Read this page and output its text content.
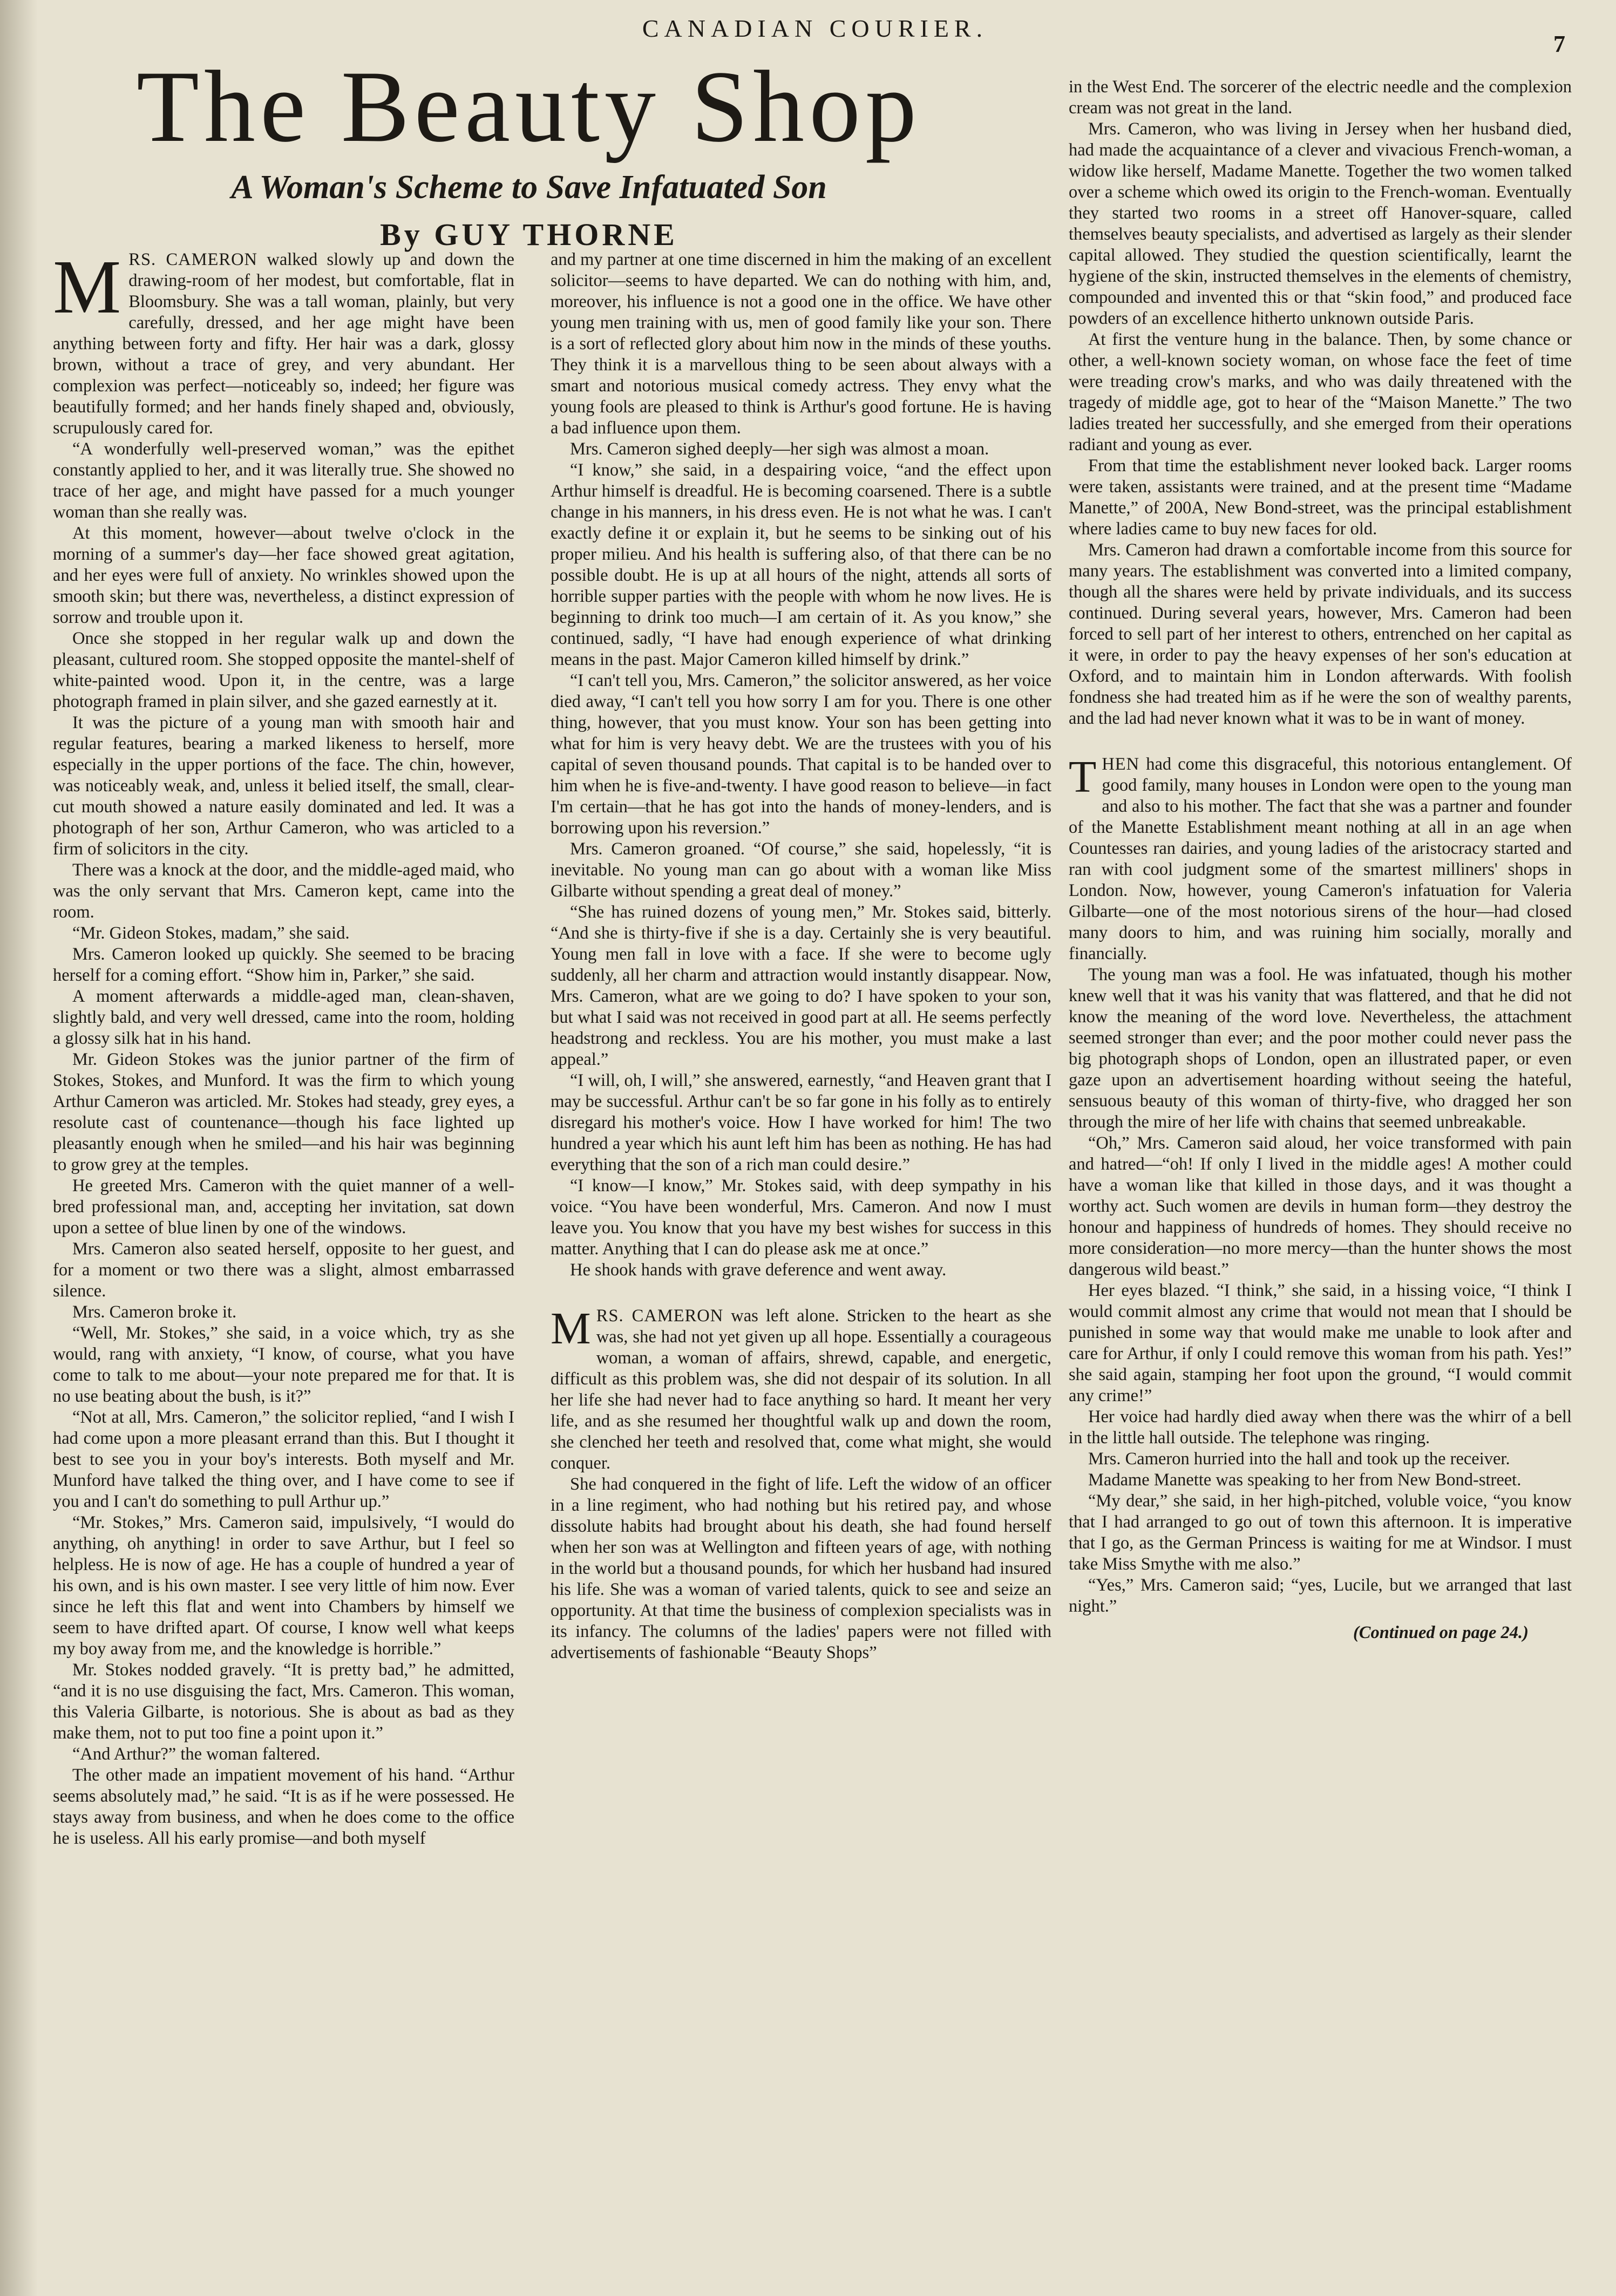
CANADIAN COURIER.
7
The Beauty Shop
A Woman's Scheme to Save Infatuated Son
By GUY THORNE

MRS. CAMERON walked slowly up and down the drawing-room of her modest, but comfortable, flat in Bloomsbury. She was a tall woman, plainly, but very carefully, dressed, and her age might have been anything between forty and fifty. Her hair was a dark, glossy brown, without a trace of grey, and very abundant. Her complexion was perfect—noticeably so, indeed; her figure was beautifully formed; and her hands finely shaped and, obviously, scrupulously cared for.

“A wonderfully well-preserved woman,” was the epithet constantly applied to her, and it was literally true. She showed no trace of her age, and might have passed for a much younger woman than she really was.

At this moment, however—about twelve o'clock in the morning of a summer's day—her face showed great agitation, and her eyes were full of anxiety. No wrinkles showed upon the smooth skin; but there was, nevertheless, a distinct expression of sorrow and trouble upon it.

Once she stopped in her regular walk up and down the pleasant, cultured room. She stopped opposite the mantel-shelf of white-painted wood. Upon it, in the centre, was a large photograph framed in plain silver, and she gazed earnestly at it.

It was the picture of a young man with smooth hair and regular features, bearing a marked likeness to herself, more especially in the upper portions of the face. The chin, however, was noticeably weak, and, unless it belied itself, the small, clear-cut mouth showed a nature easily dominated and led. It was a photograph of her son, Arthur Cameron, who was articled to a firm of solicitors in the city.

There was a knock at the door, and the middle-aged maid, who was the only servant that Mrs. Cameron kept, came into the room.

“Mr. Gideon Stokes, madam,” she said.

Mrs. Cameron looked up quickly. She seemed to be bracing herself for a coming effort. “Show him in, Parker,” she said.

A moment afterwards a middle-aged man, clean-shaven, slightly bald, and very well dressed, came into the room, holding a glossy silk hat in his hand.

Mr. Gideon Stokes was the junior partner of the firm of Stokes, Stokes, and Munford. It was the firm to which young Arthur Cameron was articled. Mr. Stokes had steady, grey eyes, a resolute cast of countenance—though his face lighted up pleasantly enough when he smiled—and his hair was beginning to grow grey at the temples.

He greeted Mrs. Cameron with the quiet manner of a well-bred professional man, and, accepting her invitation, sat down upon a settee of blue linen by one of the windows.

Mrs. Cameron also seated herself, opposite to her guest, and for a moment or two there was a slight, almost embarrassed silence.

Mrs. Cameron broke it.

“Well, Mr. Stokes,” she said, in a voice which, try as she would, rang with anxiety, “I know, of course, what you have come to talk to me about—your note prepared me for that. It is no use beating about the bush, is it?”

“Not at all, Mrs. Cameron,” the solicitor replied, “and I wish I had come upon a more pleasant errand than this. But I thought it best to see you in your boy's interests. Both myself and Mr. Munford have talked the thing over, and I have come to see if you and I can't do something to pull Arthur up.”

“Mr. Stokes,” Mrs. Cameron said, impulsively, “I would do anything, oh anything! in order to save Arthur, but I feel so helpless. He is now of age. He has a couple of hundred a year of his own, and is his own master. I see very little of him now. Ever since he left this flat and went into Chambers by himself we seem to have drifted apart. Of course, I know well what keeps my boy away from me, and the knowledge is horrible.”

Mr. Stokes nodded gravely. “It is pretty bad,” he admitted, “and it is no use disguising the fact, Mrs. Cameron. This woman, this Valeria Gilbarte, is notorious. She is about as bad as they make them, not to put too fine a point upon it.”

“And Arthur?” the woman faltered.

The other made an impatient movement of his hand. “Arthur seems absolutely mad,” he said. “It is as if he were possessed. He stays away from business, and when he does come to the office he is useless. All his early promise—and both myself

and my partner at one time discerned in him the making of an excellent solicitor—seems to have departed. We can do nothing with him, and, moreover, his influence is not a good one in the office. We have other young men training with us, men of good family like your son. There is a sort of reflected glory about him now in the minds of these youths. They think it is a marvellous thing to be seen about always with a smart and notorious musical comedy actress. They envy what the young fools are pleased to think is Arthur's good fortune. He is having a bad influence upon them.

Mrs. Cameron sighed deeply—her sigh was almost a moan.

“I know,” she said, in a despairing voice, “and the effect upon Arthur himself is dreadful. He is becoming coarsened. There is a subtle change in his manners, in his dress even. He is not what he was. I can't exactly define it or explain it, but he seems to be sinking out of his proper milieu. And his health is suffering also, of that there can be no possible doubt. He is up at all hours of the night, attends all sorts of horrible supper parties with the people with whom he now lives. He is beginning to drink too much—I am certain of it. As you know,” she continued, sadly, “I have had enough experience of what drinking means in the past. Major Cameron killed himself by drink.”

“I can't tell you, Mrs. Cameron,” the solicitor answered, as her voice died away, “I can't tell you how sorry I am for you. There is one other thing, however, that you must know. Your son has been getting into what for him is very heavy debt. We are the trustees with you of his capital of seven thousand pounds. That capital is to be handed over to him when he is five-and-twenty. I have good reason to believe—in fact I'm certain—that he has got into the hands of money-lenders, and is borrowing upon his reversion.”

Mrs. Cameron groaned. “Of course,” she said, hopelessly, “it is inevitable. No young man can go about with a woman like Miss Gilbarte without spending a great deal of money.”

“She has ruined dozens of young men,” Mr. Stokes said, bitterly. “And she is thirty-five if she is a day. Certainly she is very beautiful. Young men fall in love with a face. If she were to become ugly suddenly, all her charm and attraction would instantly disappear. Now, Mrs. Cameron, what are we going to do? I have spoken to your son, but what I said was not received in good part at all. He seems perfectly headstrong and reckless. You are his mother, you must make a last appeal.”

“I will, oh, I will,” she answered, earnestly, “and Heaven grant that I may be successful. Arthur can't be so far gone in his folly as to entirely disregard his mother's voice. How I have worked for him! The two hundred a year which his aunt left him has been as nothing. He has had everything that the son of a rich man could desire.”

“I know—I know,” Mr. Stokes said, with deep sympathy in his voice. “You have been wonderful, Mrs. Cameron. And now I must leave you. You know that you have my best wishes for success in this matter. Anything that I can do please ask me at once.”

He shook hands with grave deference and went away.

MRS. CAMERON was left alone. Stricken to the heart as she was, she had not yet given up all hope. Essentially a courageous woman, a woman of affairs, shrewd, capable, and energetic, difficult as this problem was, she did not despair of its solution. In all her life she had never had to face anything so hard. It meant her very life, and as she resumed her thoughtful walk up and down the room, she clenched her teeth and resolved that, come what might, she would conquer.

She had conquered in the fight of life. Left the widow of an officer in a line regiment, who had nothing but his retired pay, and whose dissolute habits had brought about his death, she had found herself when her son was at Wellington and fifteen years of age, with nothing in the world but a thousand pounds, for which her husband had insured his life. She was a woman of varied talents, quick to see and seize an opportunity. At that time the business of complexion specialists was in its infancy. The columns of the ladies' papers were not filled with advertisements of fashionable “Beauty Shops”

in the West End. The sorcerer of the electric needle and the complexion cream was not great in the land.

Mrs. Cameron, who was living in Jersey when her husband died, had made the acquaintance of a clever and vivacious French-woman, a widow like herself, Madame Manette. Together the two women talked over a scheme which owed its origin to the French-woman. Eventually they started two rooms in a street off Hanover-square, called themselves beauty specialists, and advertised as largely as their slender capital allowed. They studied the question scientifically, learnt the hygiene of the skin, instructed themselves in the elements of chemistry, compounded and invented this or that “skin food,” and produced face powders of an excellence hitherto unknown outside Paris.

At first the venture hung in the balance. Then, by some chance or other, a well-known society woman, on whose face the feet of time were treading crow's marks, and who was daily threatened with the tragedy of middle age, got to hear of the “Maison Manette.” The two ladies treated her successfully, and she emerged from their operations radiant and young as ever.

From that time the establishment never looked back. Larger rooms were taken, assistants were trained, and at the present time “Madame Manette,” of 200A, New Bond-street, was the principal establishment where ladies came to buy new faces for old.

Mrs. Cameron had drawn a comfortable income from this source for many years. The establishment was converted into a limited company, though all the shares were held by private individuals, and its success continued. During several years, however, Mrs. Cameron had been forced to sell part of her interest to others, entrenched on her capital as it were, in order to pay the heavy expenses of her son's education at Oxford, and to maintain him in London afterwards. With foolish fondness she had treated him as if he were the son of wealthy parents, and the lad had never known what it was to be in want of money.

THEN had come this disgraceful, this notorious entanglement. Of good family, many houses in London were open to the young man and also to his mother. The fact that she was a partner and founder of the Manette Establishment meant nothing at all in an age when Countesses ran dairies, and young ladies of the aristocracy started and ran with cool judgment some of the smartest milliners' shops in London. Now, however, young Cameron's infatuation for Valeria Gilbarte—one of the most notorious sirens of the hour—had closed many doors to him, and was ruining him socially, morally and financially.

The young man was a fool. He was infatuated, though his mother knew well that it was his vanity that was flattered, and that he did not know the meaning of the word love. Nevertheless, the attachment seemed stronger than ever; and the poor mother could never pass the big photograph shops of London, open an illustrated paper, or even gaze upon an advertisement hoarding without seeing the hateful, sensuous beauty of this woman of thirty-five, who dragged her son through the mire of her life with chains that seemed unbreakable.

“Oh,” Mrs. Cameron said aloud, her voice transformed with pain and hatred—“oh! If only I lived in the middle ages! A mother could have a woman like that killed in those days, and it was thought a worthy act. Such women are devils in human form—they destroy the honour and happiness of hundreds of homes. They should receive no more consideration—no more mercy—than the hunter shows the most dangerous wild beast.”

Her eyes blazed. “I think,” she said, in a hissing voice, “I think I would commit almost any crime that would not mean that I should be punished in some way that would make me unable to look after and care for Arthur, if only I could remove this woman from his path. Yes!” she said again, stamping her foot upon the ground, “I would commit any crime!”

Her voice had hardly died away when there was the whirr of a bell in the little hall outside. The telephone was ringing.

Mrs. Cameron hurried into the hall and took up the receiver.

Madame Manette was speaking to her from New Bond-street.

“My dear,” she said, in her high-pitched, voluble voice, “you know that I had arranged to go out of town this afternoon. It is imperative that I go, as the German Princess is waiting for me at Windsor. I must take Miss Smythe with me also.”

“Yes,” Mrs. Cameron said; “yes, Lucile, but we arranged that last night.”

(Continued on page 24.)
